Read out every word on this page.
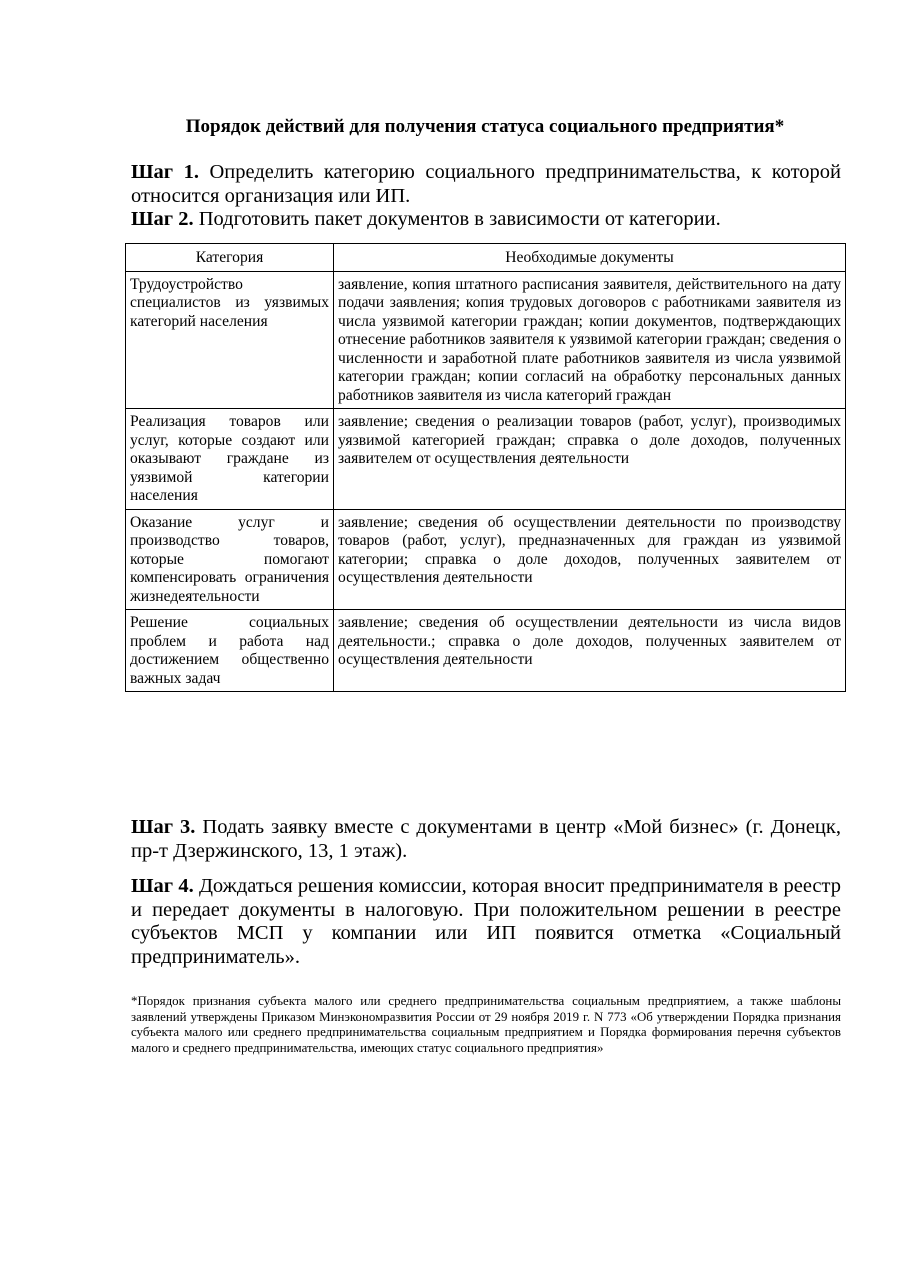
Порядок действий для получения статуса социального предприятия*

Шаг 1. Определить категорию социального предпринимательства, к которой относится организация или ИП.

Шаг 2. Подготовить пакет документов в зависимости от категории.

Категория	Необходимые документы
Трудоустройство специалистов из уязвимых категорий населения	заявление, копия штатного расписания заявителя, действительного на дату подачи заявления; копия трудовых договоров с работниками заявителя из числа уязвимой категории граждан; копии документов, подтверждающих отнесение работников заявителя к уязвимой категории граждан; сведения о численности и заработной плате работников заявителя из числа уязвимой категории граждан; копии согласий на обработку персональных данных работников заявителя из числа категорий граждан
Реализация товаров или услуг, которые создают или оказывают граждане из уязвимой категории населения	заявление; сведения о реализации товаров (работ, услуг), производимых уязвимой категорией граждан; справка о доле доходов, полученных заявителем от осуществления деятельности
Оказание услуг и производство товаров, которые помогают компенсировать ограничения жизнедеятельности	заявление; сведения об осуществлении деятельности по производству товаров (работ, услуг), предназначенных для граждан из уязвимой категории; справка о доле доходов, полученных заявителем от осуществления деятельности
Решение социальных проблем и работа над достижением общественно важных задач	заявление; сведения об осуществлении деятельности из числа видов деятельности.; справка о доле доходов, полученных заявителем от осуществления деятельности

Шаг 3. Подать заявку вместе с документами в центр «Мой бизнес» (г. Донецк, пр-т Дзержинского, 13, 1 этаж).

Шаг 4. Дождаться решения комиссии, которая вносит предпринимателя в реестр и передает документы в налоговую. При положительном решении в реестре субъектов МСП у компании или ИП появится отметка «Социальный предприниматель».

*Порядок признания субъекта малого или среднего предпринимательства социальным предприятием, а также шаблоны заявлений утверждены Приказом Минэкономразвития России от 29 ноября 2019 г. N 773 «Об утверждении Порядка признания субъекта малого или среднего предпринимательства социальным предприятием и Порядка формирования перечня субъектов малого и среднего предпринимательства, имеющих статус социального предприятия»
